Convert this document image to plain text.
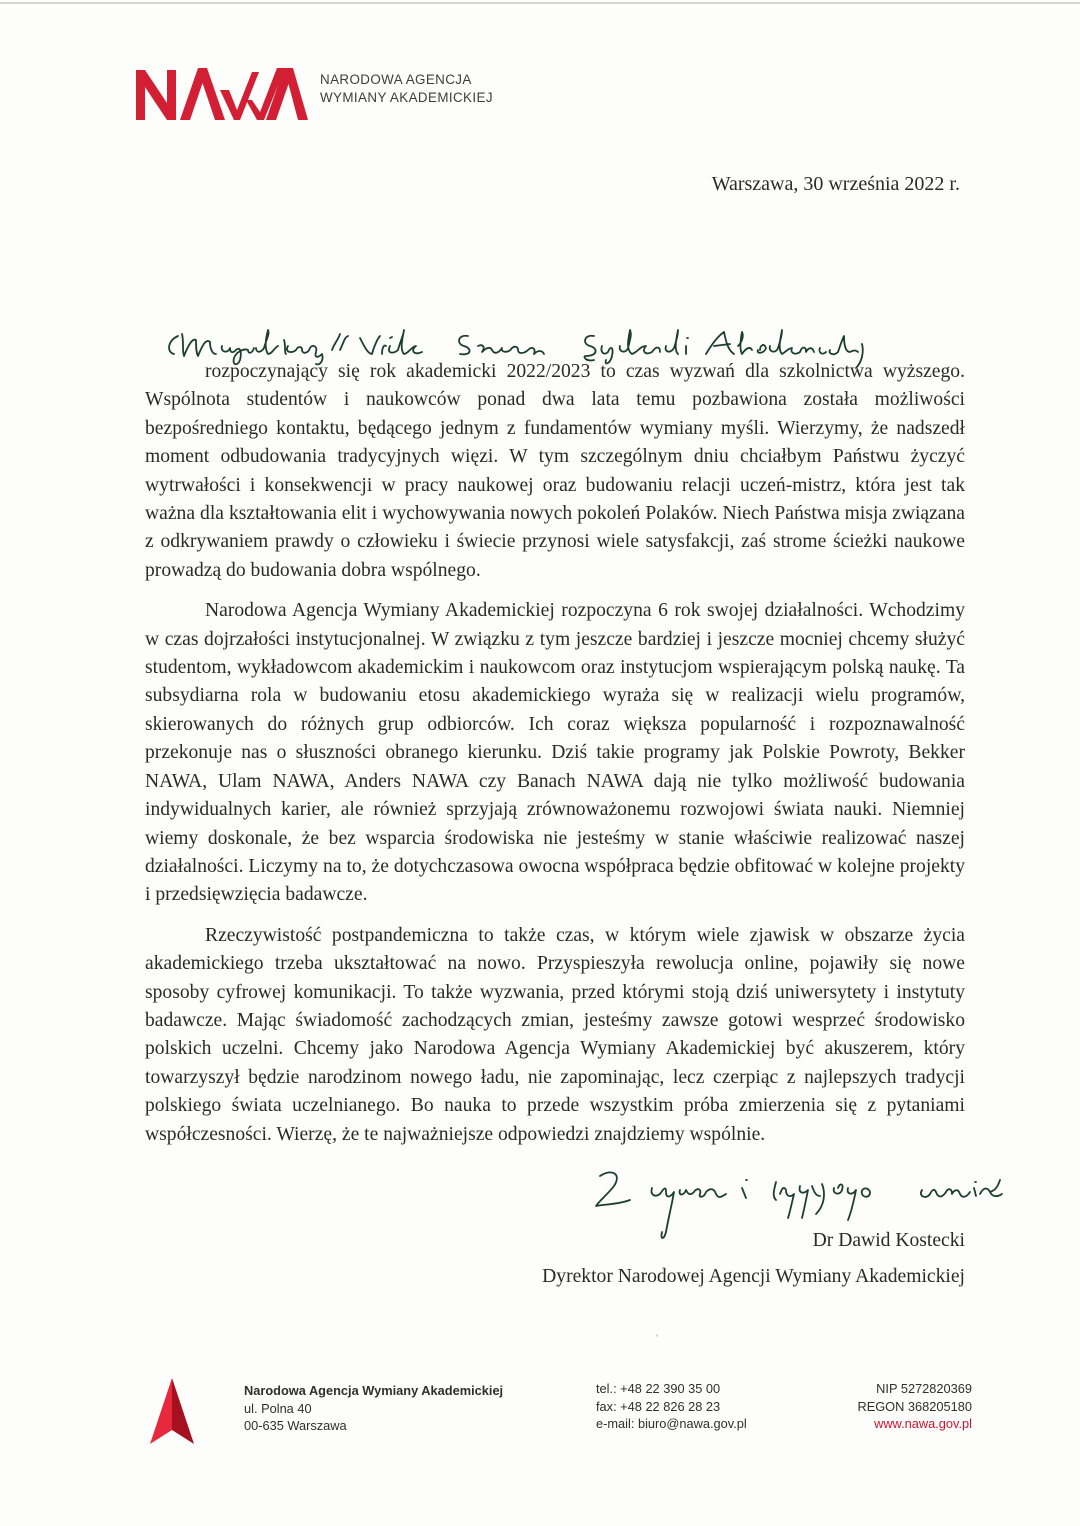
NARODOWA AGENCJA
WYMIANY AKADEMICKIEJ
Warszawa, 30 września 2022 r.

rozpoczynający się rok akademicki 2022/2023 to czas wyzwań dla szkolnictwa wyższego. Wspólnota studentów i naukowców ponad dwa lata temu pozbawiona została możliwości bezpośredniego kontaktu, będącego jednym z fundamentów wymiany myśli. Wierzymy, że nadszedł moment odbudowania tradycyjnych więzi. W tym szczególnym dniu chciałbym Państwu życzyć wytrwałości i konsekwencji w pracy naukowej oraz budowaniu relacji uczeń-mistrz, która jest tak ważna dla kształtowania elit i wychowywania nowych pokoleń Polaków. Niech Państwa misja związana z odkrywaniem prawdy o człowieku i świecie przynosi wiele satysfakcji, zaś strome ścieżki naukowe prowadzą do budowania dobra wspólnego.

Narodowa Agencja Wymiany Akademickiej rozpoczyna 6 rok swojej działalności. Wchodzimy w czas dojrzałości instytucjonalnej. W związku z tym jeszcze bardziej i jeszcze mocniej chcemy służyć studentom, wykładowcom akademickim i naukowcom oraz instytucjom wspierającym polską naukę. Ta subsydiarna rola w budowaniu etosu akademickiego wyraża się w realizacji wielu programów, skierowanych do różnych grup odbiorców. Ich coraz większa popularność i rozpoznawalność przekonuje nas o słuszności obranego kierunku. Dziś takie programy jak Polskie Powroty, Bekker NAWA, Ulam NAWA, Anders NAWA czy Banach NAWA dają nie tylko możliwość budowania indywidualnych karier, ale również sprzyjają zrównoważonemu rozwojowi świata nauki. Niemniej wiemy doskonale, że bez wsparcia środowiska nie jesteśmy w stanie właściwie realizować naszej działalności. Liczymy na to, że dotychczasowa owocna współpraca będzie obfitować w kolejne projekty i przedsięwzięcia badawcze.

Rzeczywistość postpandemiczna to także czas, w którym wiele zjawisk w obszarze życia akademickiego trzeba ukształtować na nowo. Przyspieszyła rewolucja online, pojawiły się nowe sposoby cyfrowej komunikacji. To także wyzwania, przed którymi stoją dziś uniwersytety i instytuty badawcze. Mając świadomość zachodzących zmian, jesteśmy zawsze gotowi wesprzeć środowisko polskich uczelni. Chcemy jako Narodowa Agencja Wymiany Akademickiej być akuszerem, który towarzyszył będzie narodzinom nowego ładu, nie zapominając, lecz czerpiąc z najlepszych tradycji polskiego świata uczelnianego. Bo nauka to przede wszystkim próba zmierzenia się z pytaniami współczesności. Wierzę, że te najważniejsze odpowiedzi znajdziemy wspólnie.

Dr Dawid Kostecki
Dyrektor Narodowej Agencji Wymiany Akademickiej
ˈ
Narodowa Agencja Wymiany Akademickiej
ul. Polna 40
00-635 Warszawa
tel.: +48 22 390 35 00
fax: +48 22 826 28 23
e-mail: biuro@nawa.gov.pl
NIP 5272820369
REGON 368205180
www.nawa.gov.pl
